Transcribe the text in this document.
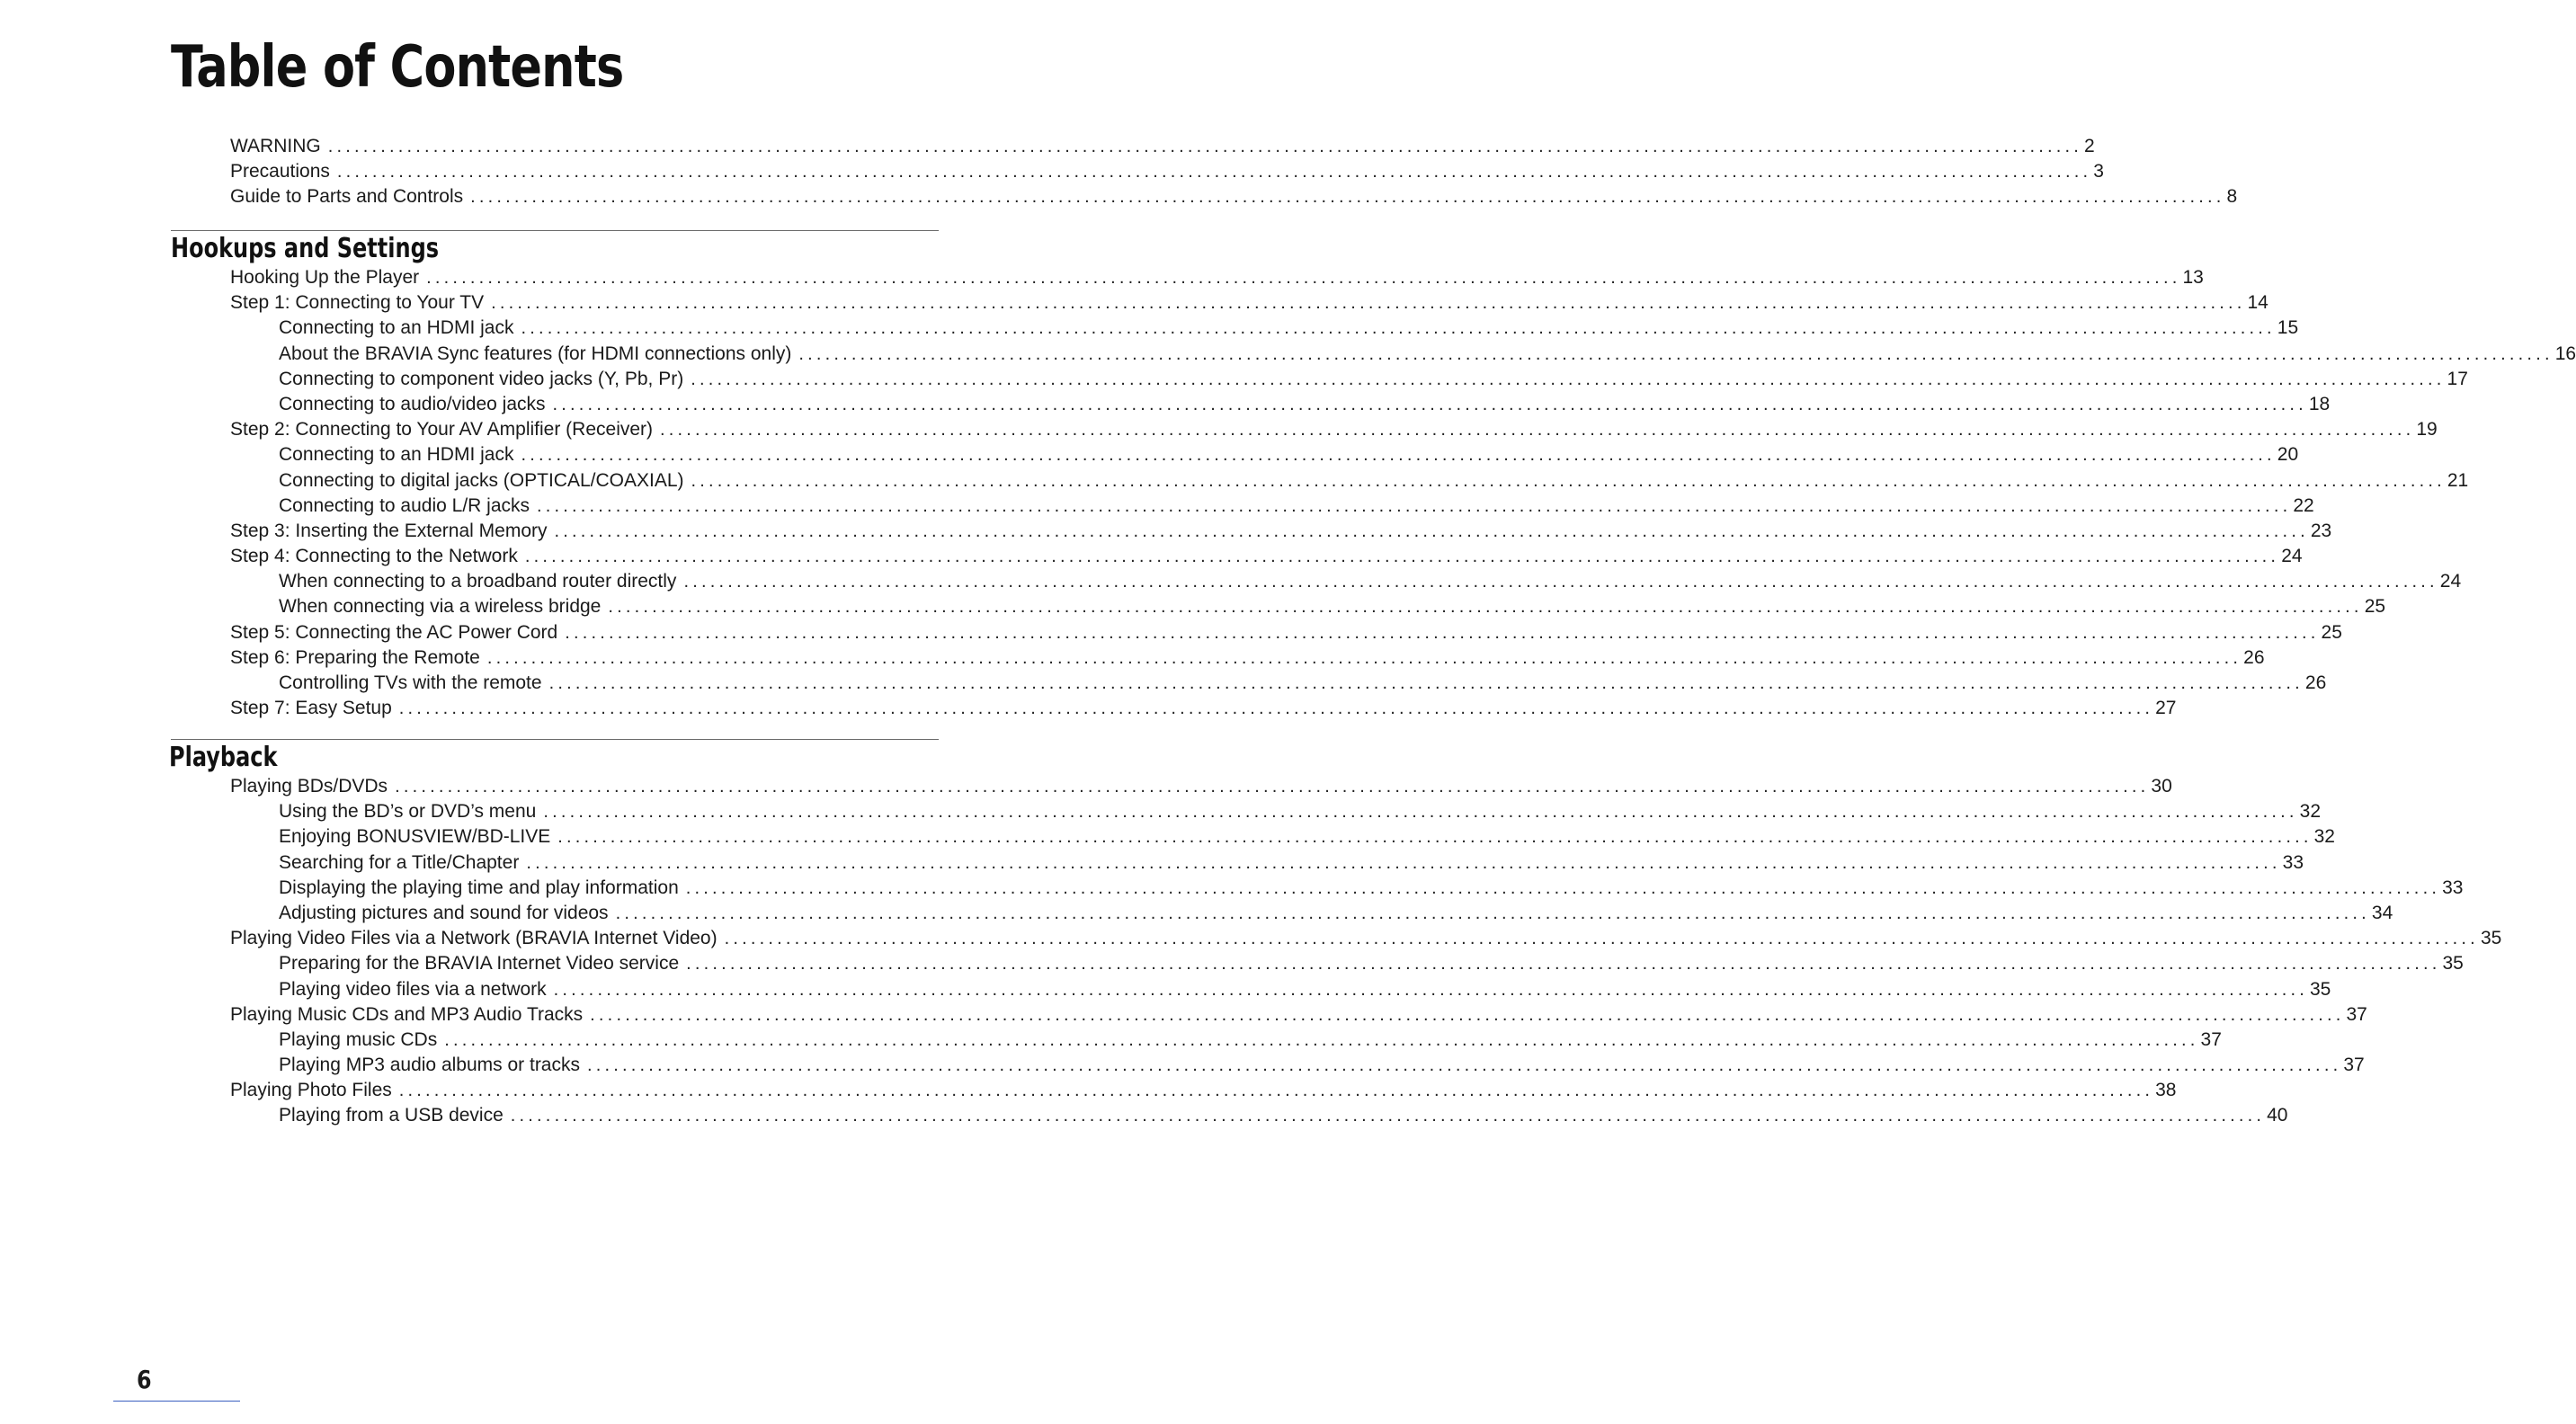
Table of Contents
WARNING ........................................................................................................................................................................................................ 2
Precautions ........................................................................................................................................................................................................ 3
Guide to Parts and Controls ........................................................................................................................................................................................................ 8
Hookups and Settings
Hooking Up the Player ........................................................................................................................................................................................................ 13
Step 1: Connecting to Your TV ........................................................................................................................................................................................................ 14
Connecting to an HDMI jack ........................................................................................................................................................................................................ 15
About the BRAVIA Sync features (for HDMI connections only) ........................................................................................................................................................................................................ 16
Connecting to component video jacks (Y, Pb, Pr) ........................................................................................................................................................................................................ 17
Connecting to audio/video jacks ........................................................................................................................................................................................................ 18
Step 2: Connecting to Your AV Amplifier (Receiver) ........................................................................................................................................................................................................ 19
Connecting to an HDMI jack ........................................................................................................................................................................................................ 20
Connecting to digital jacks (OPTICAL/COAXIAL) ........................................................................................................................................................................................................ 21
Connecting to audio L/R jacks ........................................................................................................................................................................................................ 22
Step 3: Inserting the External Memory ........................................................................................................................................................................................................ 23
Step 4: Connecting to the Network ........................................................................................................................................................................................................ 24
When connecting to a broadband router directly ........................................................................................................................................................................................................ 24
When connecting via a wireless bridge ........................................................................................................................................................................................................ 25
Step 5: Connecting the AC Power Cord ........................................................................................................................................................................................................ 25
Step 6: Preparing the Remote ........................................................................................................................................................................................................ 26
Controlling TVs with the remote ........................................................................................................................................................................................................ 26
Step 7: Easy Setup ........................................................................................................................................................................................................ 27
Playback
Playing BDs/DVDs ........................................................................................................................................................................................................ 30
Using the BD’s or DVD’s menu ........................................................................................................................................................................................................ 32
Enjoying BONUSVIEW/BD-LIVE ........................................................................................................................................................................................................ 32
Searching for a Title/Chapter ........................................................................................................................................................................................................ 33
Displaying the playing time and play information ........................................................................................................................................................................................................ 33
Adjusting pictures and sound for videos ........................................................................................................................................................................................................ 34
Playing Video Files via a Network (BRAVIA Internet Video) ........................................................................................................................................................................................................ 35
Preparing for the BRAVIA Internet Video service ........................................................................................................................................................................................................ 35
Playing video files via a network ........................................................................................................................................................................................................ 35
Playing Music CDs and MP3 Audio Tracks ........................................................................................................................................................................................................ 37
Playing music CDs ........................................................................................................................................................................................................ 37
Playing MP3 audio albums or tracks ........................................................................................................................................................................................................ 37
Playing Photo Files ........................................................................................................................................................................................................ 38
Playing from a USB device ........................................................................................................................................................................................................ 40
6
